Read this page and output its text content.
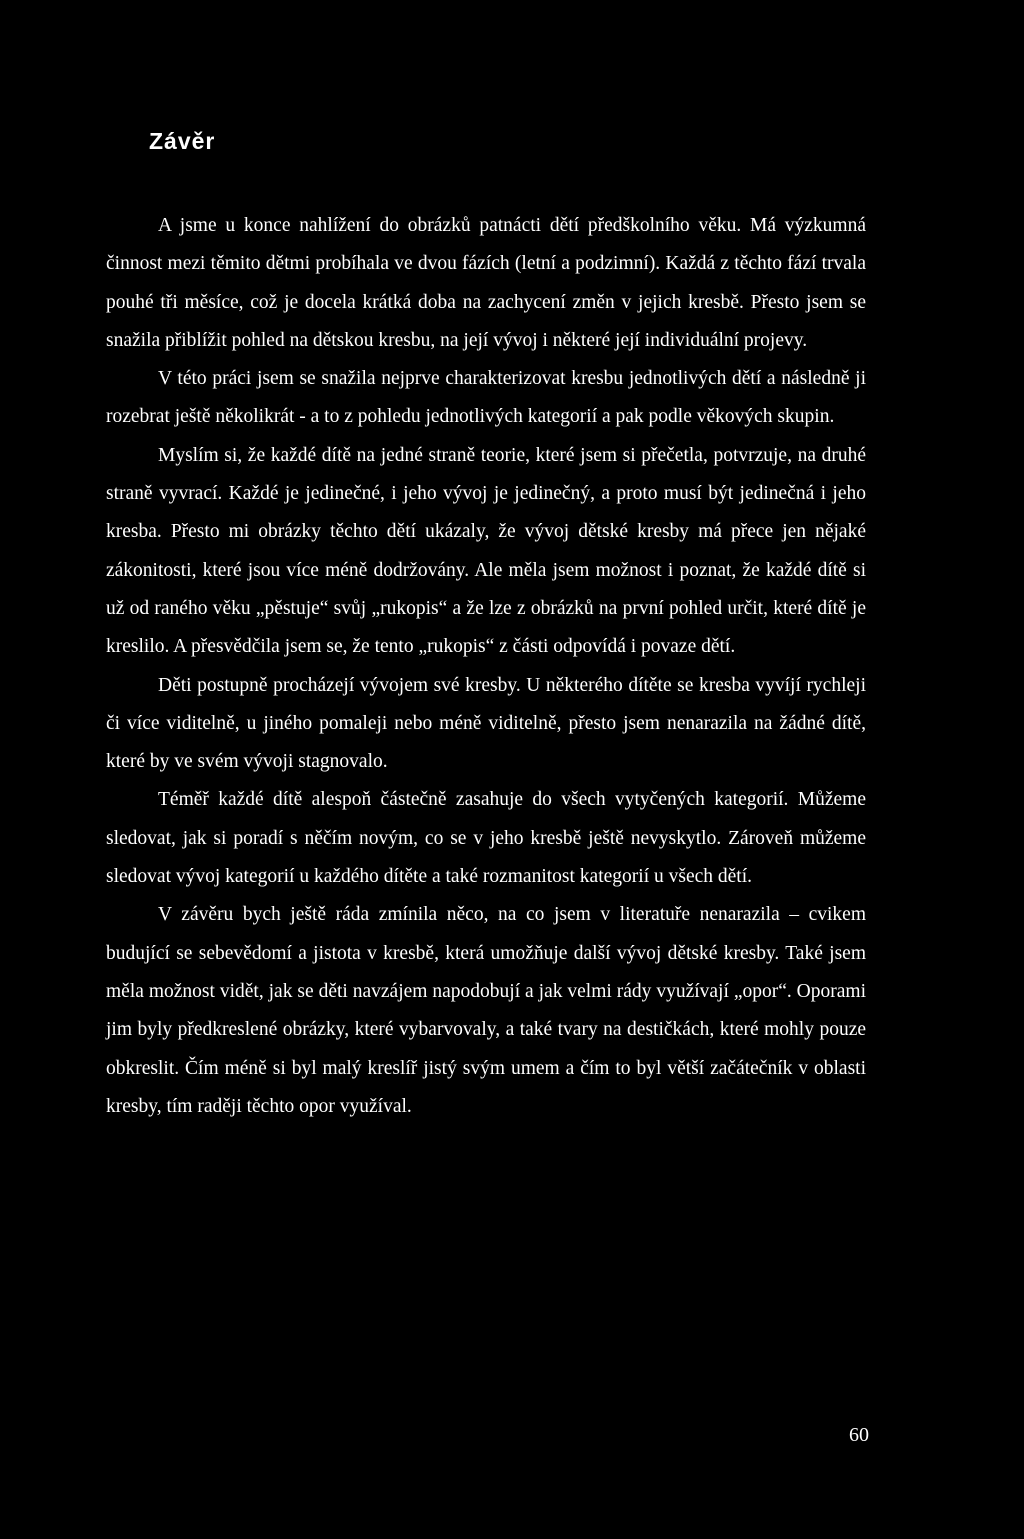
Závěr

A jsme u konce nahlížení do obrázků patnácti dětí předškolního věku. Má výzkumná činnost mezi těmito dětmi probíhala ve dvou fázích (letní a podzimní). Každá z těchto fází trvala pouhé tři měsíce, což je docela krátká doba na zachycení změn v jejich kresbě. Přesto jsem se snažila přiblížit pohled na dětskou kresbu, na její vývoj i některé její individuální projevy.

V této práci jsem se snažila nejprve charakterizovat kresbu jednotlivých dětí a následně ji rozebrat ještě několikrát - a to z pohledu jednotlivých kategorií a pak podle věkových skupin.

Myslím si, že každé dítě na jedné straně teorie, které jsem si přečetla, potvrzuje, na druhé straně vyvrací. Každé je jedinečné, i jeho vývoj je jedinečný, a proto musí být jedinečná i jeho kresba. Přesto mi obrázky těchto dětí ukázaly, že vývoj dětské kresby má přece jen nějaké zákonitosti, které jsou více méně dodržovány. Ale měla jsem možnost i poznat, že každé dítě si už od raného věku „pěstuje“ svůj „rukopis“ a že lze z obrázků na první pohled určit, které dítě je kreslilo. A přesvědčila jsem se, že tento „rukopis“ z části odpovídá i povaze dětí.

Děti postupně procházejí vývojem své kresby. U některého dítěte se kresba vyvíjí rychleji či více viditelně, u jiného pomaleji nebo méně viditelně, přesto jsem nenarazila na žádné dítě, které by ve svém vývoji stagnovalo.

Téměř každé dítě alespoň částečně zasahuje do všech vytyčených kategorií. Můžeme sledovat, jak si poradí s něčím novým, co se v jeho kresbě ještě nevyskytlo. Zároveň můžeme sledovat vývoj kategorií u každého dítěte a také rozmanitost kategorií u všech dětí.

V závěru bych ještě ráda zmínila něco, na co jsem v literatuře nenarazila – cvikem budující se sebevědomí a jistota v kresbě, která umožňuje další vývoj dětské kresby. Také jsem měla možnost vidět, jak se děti navzájem napodobují a jak velmi rády využívají „opor“. Oporami jim byly předkreslené obrázky, které vybarvovaly, a také tvary na destičkách, které mohly pouze obkreslit. Čím méně si byl malý kreslíř jistý svým umem a čím to byl větší začátečník v oblasti kresby, tím raději těchto opor využíval.

60
